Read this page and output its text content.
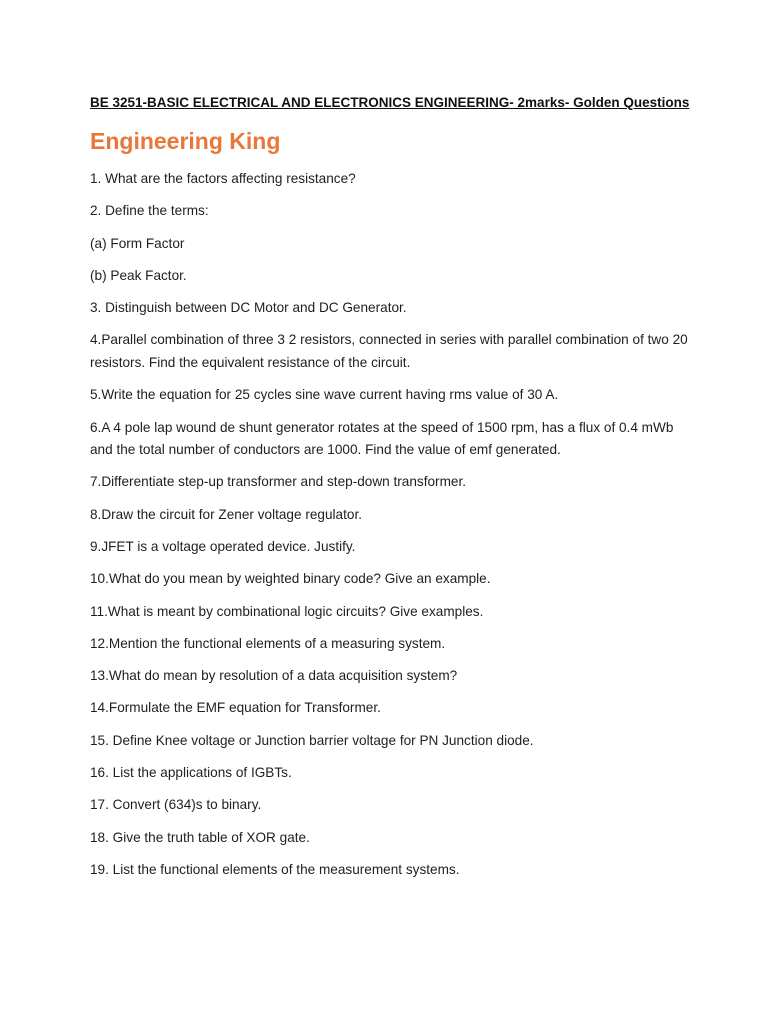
BE 3251-BASIC ELECTRICAL AND ELECTRONICS ENGINEERING- 2marks- Golden Questions

Engineering King

1. What are the factors affecting resistance?

2. Define the terms:

(a) Form Factor

(b) Peak Factor.

3. Distinguish between DC Motor and DC Generator.

4.Parallel combination of three 3 2 resistors, connected in series with parallel combination of two 20 resistors. Find the equivalent resistance of the circuit.

5.Write the equation for 25 cycles sine wave current having rms value of 30 A.

6.A 4 pole lap wound de shunt generator rotates at the speed of 1500 rpm, has a flux of 0.4 mWb and the total number of conductors are 1000. Find the value of emf generated.

7.Differentiate step-up transformer and step-down transformer.

8.Draw the circuit for Zener voltage regulator.

9.JFET is a voltage operated device. Justify.

10.What do you mean by weighted binary code? Give an example.

11.What is meant by combinational logic circuits? Give examples.

12.Mention the functional elements of a measuring system.

13.What do mean by resolution of a data acquisition system?

14.Formulate the EMF equation for Transformer.

15. Define Knee voltage or Junction barrier voltage for PN Junction diode.

16. List the applications of IGBTs.

17. Convert (634)s to binary.

18. Give the truth table of XOR gate.

19. List the functional elements of the measurement systems.
